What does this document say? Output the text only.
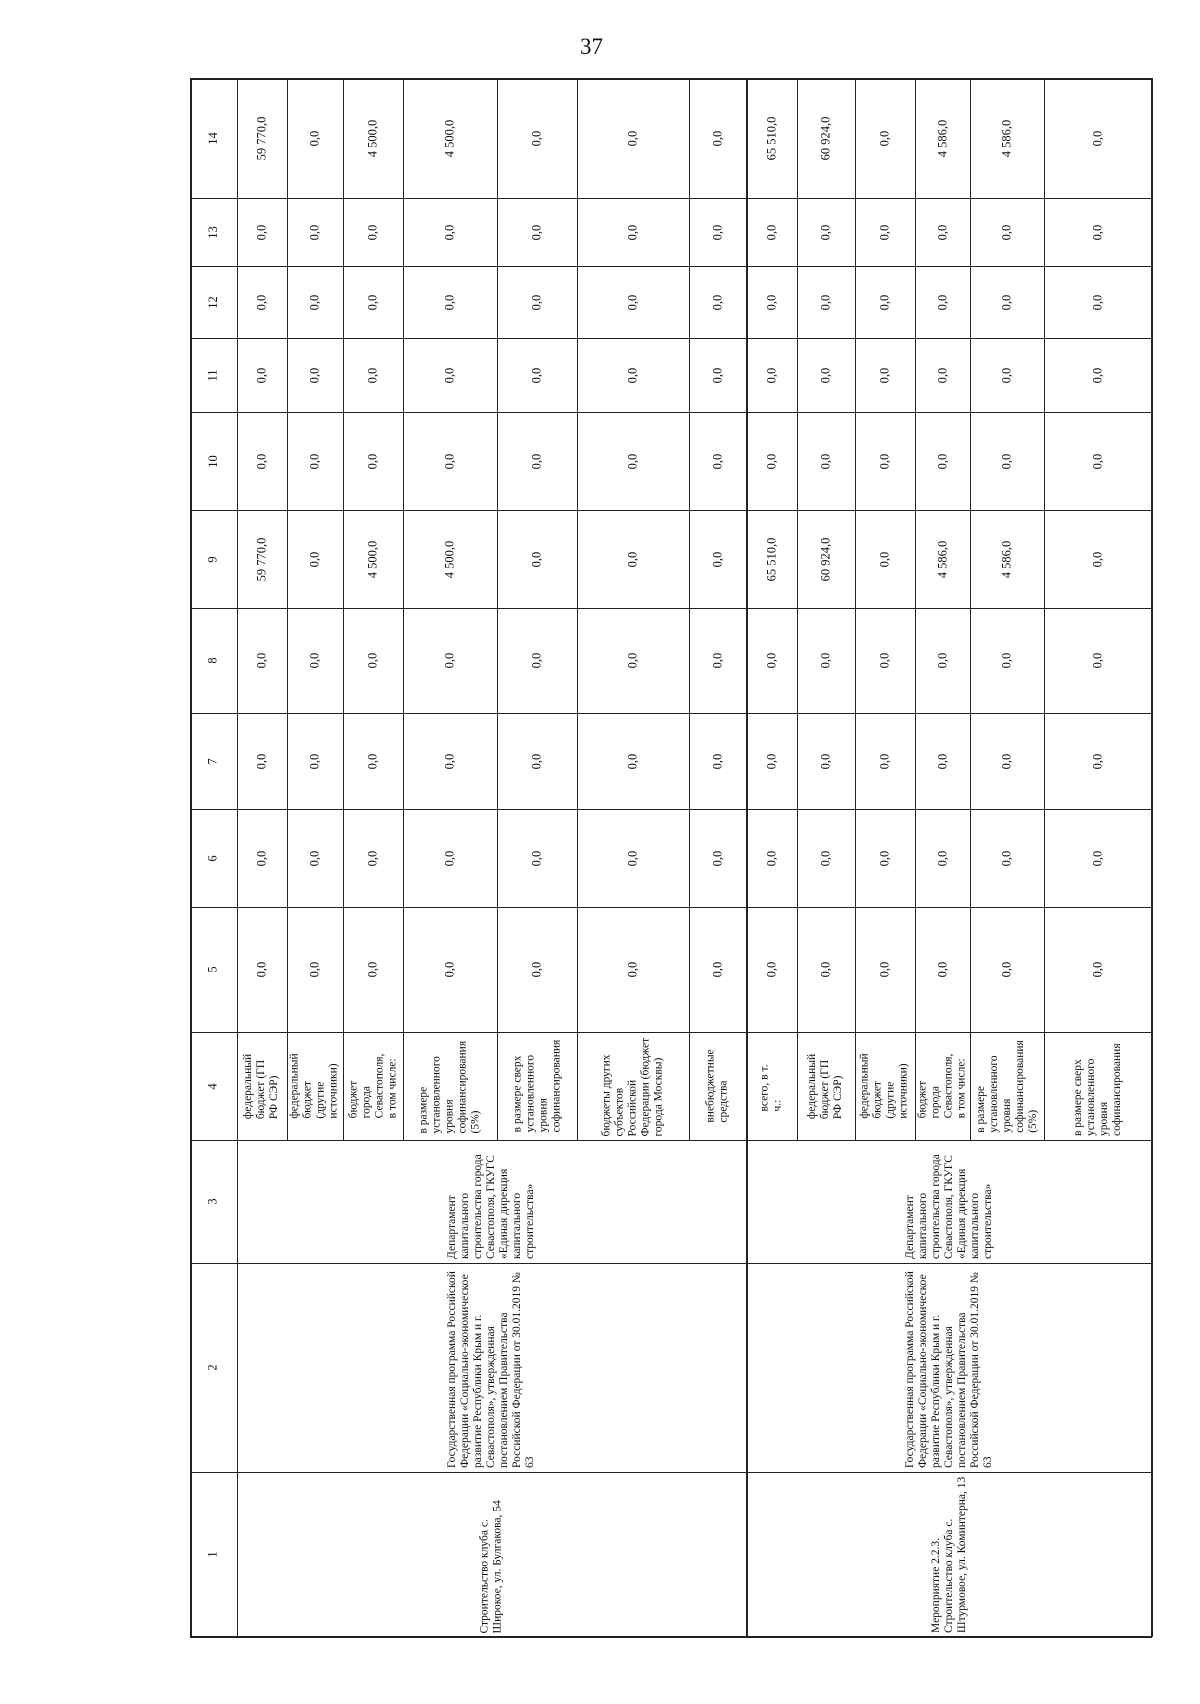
37
1
2
3
4
5
6
7
8
9
10
11
12
13
14
Строительство клуба с. Широкое, ул. Булгакова, 54
Государственная программа Российской Федерации «Социально-экономическое развитие Республики Крым и г. Севастополя», утвержденная постановлением Правительства Российской Федерации от 30.01.2019 № 63
Департамент капитального строительства города Севастополя, ГКУГС «Единая дирекция капитального строительства»
федеральный бюджет (ГП РФ СЭР)
0,0
0,0
0,0
0,0
59 770,0
0,0
0,0
0,0
0,0
59 770,0
федеральный бюджет (другие источники)
0,0
0,0
0,0
0,0
0,0
0,0
0,0
0,0
0,0
0,0
бюджет города Севастополя, в том числе:
0,0
0,0
0,0
0,0
4 500,0
0,0
0,0
0,0
0,0
4 500,0
в размере установленного уровня софинансирования (5%)
0,0
0,0
0,0
0,0
4 500,0
0,0
0,0
0,0
0,0
4 500,0
в размере сверх установленного уровня софинансирования
0,0
0,0
0,0
0,0
0,0
0,0
0,0
0,0
0,0
0,0
бюджеты других субъектов Российской Федерации (бюджет города Москвы)
0,0
0,0
0,0
0,0
0,0
0,0
0,0
0,0
0,0
0,0
внебюджетные средства
0,0
0,0
0,0
0,0
0,0
0,0
0,0
0,0
0,0
0,0
Мероприятие 2.2.3. Строительство клуба с. Штурмовое, ул. Коминтерна, 13
Государственная программа Российской Федерации «Социально-экономическое развитие Республики Крым и г. Севастополя», утвержденная постановлением Правительства Российской Федерации от 30.01.2019 № 63
Департамент капитального строительства города Севастополя, ГКУГС «Единая дирекция капитального строительства»
всего, в т. ч.:
0,0
0,0
0,0
0,0
65 510,0
0,0
0,0
0,0
0,0
65 510,0
федеральный бюджет (ГП РФ СЭР)
0,0
0,0
0,0
0,0
60 924,0
0,0
0,0
0,0
0,0
60 924,0
федеральный бюджет (другие источники)
0,0
0,0
0,0
0,0
0,0
0,0
0,0
0,0
0,0
0,0
бюджет города Севастополя, в том числе:
0,0
0,0
0,0
0,0
4 586,0
0,0
0,0
0,0
0,0
4 586,0
в размере установленного уровня софинансирования (5%)
0,0
0,0
0,0
0,0
4 586,0
0,0
0,0
0,0
0,0
4 586,0
в размере сверх установленного уровня софинансирования
0,0
0,0
0,0
0,0
0,0
0,0
0,0
0,0
0,0
0,0
